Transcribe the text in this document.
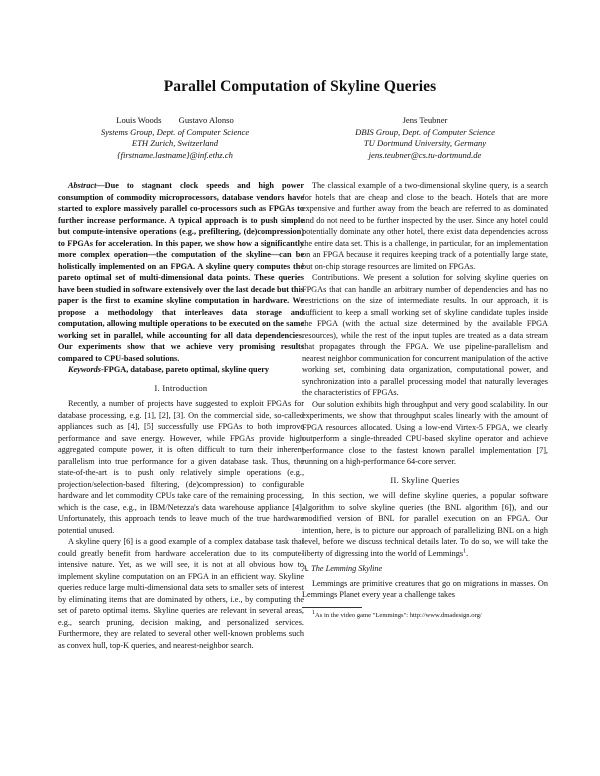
Parallel Computation of Skyline Queries
Louis Woods        Gustavo Alonso
Systems Group, Dept. of Computer Science
ETH Zurich, Switzerland
{firstname.lastname}@inf.ethz.ch
Jens Teubner
DBIS Group, Dept. of Computer Science
TU Dortmund University, Germany
jens.teubner@cs.tu-dortmund.de

Abstract—Due to stagnant clock speeds and high power consumption of commodity microprocessors, database vendors have started to explore massively parallel co-processors such as FPGAs to further increase performance. A typical approach is to push simple but compute-intensive operations (e.g., prefiltering, (de)compression) to FPGAs for acceleration. In this paper, we show how a significantly more complex operation—the computation of the skyline—can be holistically implemented on an FPGA. A skyline query computes the pareto optimal set of multi-dimensional data points. These queries have been studied in software extensively over the last decade but this paper is the first to examine skyline computation in hardware. We propose a methodology that interleaves data storage and computation, allowing multiple operations to be executed on the same working set in parallel, while accounting for all data dependencies. Our experiments show that we achieve very promising results compared to CPU-based solutions.

Keywords-FPGA, database, pareto optimal, skyline query

I. Introduction

Recently, a number of projects have suggested to exploit FPGAs for database processing, e.g. [1], [2], [3]. On the commercial side, so-called appliances such as [4], [5] successfully use FPGAs to both improve performance and save energy. However, while FPGAs provide high aggregated compute power, it is often difficult to turn their inherent parallelism into true performance for a given database task. Thus, the state-of-the-art is to push only relatively simple operations (e.g., projection/selection-based filtering, (de)compression) to configurable hardware and let commodity CPUs take care of the remaining processing, which is the case, e.g., in IBM/Netezza's data warehouse appliance [4]. Unfortunately, this approach tends to leave much of the true hardware potential unused.

A skyline query [6] is a good example of a complex database task that could greatly benefit from hardware acceleration due to its compute-intensive nature. Yet, as we will see, it is not at all obvious how to implement skyline computation on an FPGA in an efficient way. Skyline queries reduce large multi-dimensional data sets to smaller sets of interest by eliminating items that are dominated by others, i.e., by computing the set of pareto optimal items. Skyline queries are relevant in several areas, e.g., search pruning, decision making, and personalized services. Furthermore, they are related to several other well-known problems such as convex hull, top-K queries, and nearest-neighbor search.

The classical example of a two-dimensional skyline query, is a search for hotels that are cheap and close to the beach. Hotels that are more expensive and further away from the beach are referred to as dominated and do not need to be further inspected by the user. Since any hotel could potentially dominate any other hotel, there exist data dependencies across the entire data set. This is a challenge, in particular, for an implementation on an FPGA because it requires keeping track of a potentially large state, but on-chip storage resources are limited on FPGAs.

Contributions. We present a solution for solving skyline queries on FPGAs that can handle an arbitrary number of dependencies and has no restrictions on the size of intermediate results. In our approach, it is sufficient to keep a small working set of skyline candidate tuples inside the FPGA (with the actual size determined by the available FPGA resources), while the rest of the input tuples are treated as a data stream that propagates through the FPGA. We use pipeline-parallelism and nearest neighbor communication for concurrent manipulation of the active working set, combining data organization, computational power, and synchronization into a parallel processing model that naturally leverages the characteristics of FPGAs.

Our solution exhibits high throughput and very good scalability. In our experiments, we show that throughput scales linearly with the amount of FPGA resources allocated. Using a low-end Virtex-5 FPGA, we clearly outperform a single-threaded CPU-based skyline operator and achieve performance close to the fastest known parallel implementation [7], running on a high-performance 64-core server.

II. Skyline Queries

In this section, we will define skyline queries, a popular software algorithm to solve skyline queries (the BNL algorithm [6]), and our modified version of BNL for parallel execution on an FPGA. Our intention, here, is to picture our approach of parallelizing BNL on a high level, before we discuss technical details later. To do so, we will take the liberty of digressing into the world of Lemmings$^1$.

A. The Lemming Skyline

Lemmings are primitive creatures that go on migrations in masses. On Lemmings Planet every year a challenge takes

$^1$As in the video game "Lemmings": http://www.dmadesign.org/
